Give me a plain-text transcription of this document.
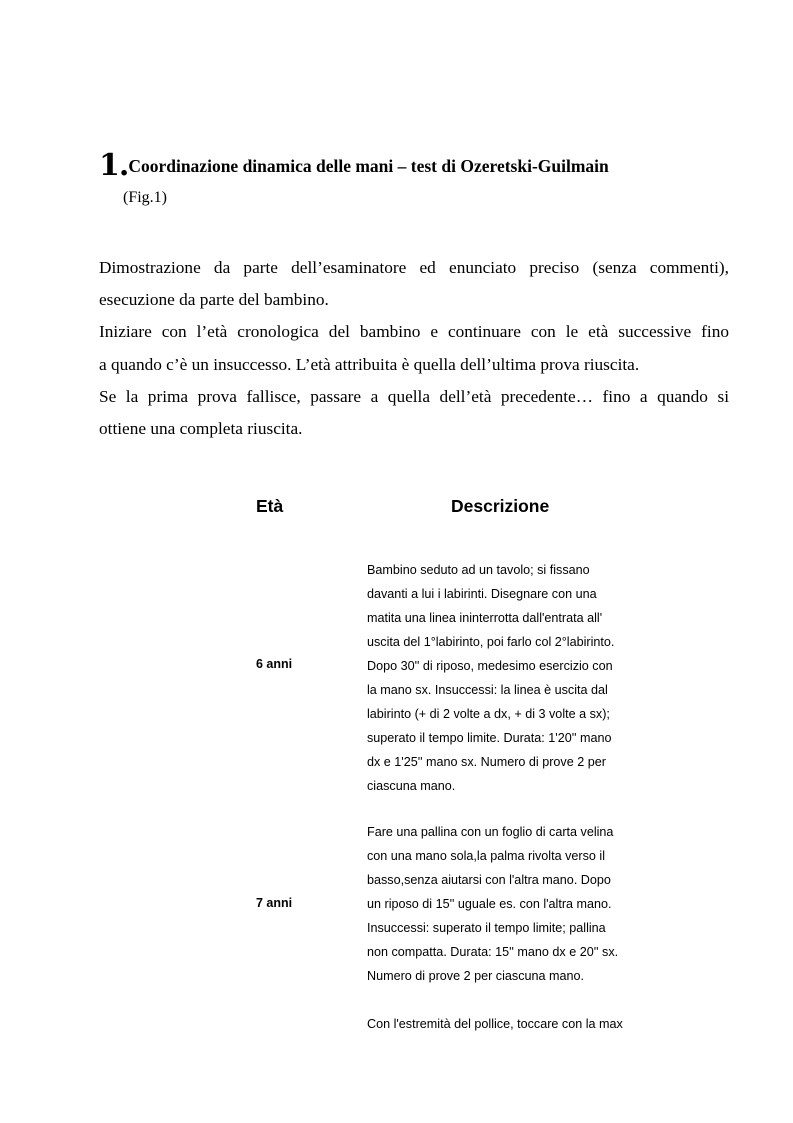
1.Coordinazione dinamica delle mani – test di Ozeretski-Guilmain
(Fig.1)

Dimostrazione da parte dell’esaminatore ed enunciato preciso (senza commenti),

esecuzione da parte del bambino.

Iniziare con l’età cronologica del bambino e continuare con le età successive fino

a quando c’è un insuccesso. L’età attribuita è quella dell’ultima prova riuscita.

Se la prima prova fallisce, passare a quella dell’età precedente… fino a quando si

ottiene una completa riuscita.

Età	Descrizione
6 anni
Bambino seduto ad un tavolo; si fissano
davanti a lui i labirinti. Disegnare con una
matita una linea ininterrotta dall'entrata all'
uscita del 1°labirinto, poi farlo col 2°labirinto.
Dopo 30'' di riposo, medesimo esercizio con
la mano sx. Insuccessi: la linea è uscita dal
labirinto (+ di 2 volte a dx, + di 3 volte a sx);
superato il tempo limite. Durata: 1'20'' mano
dx e 1'25'' mano sx. Numero di prove 2 per
ciascuna mano.
7 anni
Fare una pallina con un foglio di carta velina
con una mano sola,la palma rivolta verso il
basso,senza aiutarsi con l'altra mano. Dopo
un riposo di 15'' uguale es. con l'altra mano.
Insuccessi: superato il tempo limite; pallina
non compatta. Durata: 15'' mano dx e 20'' sx.
Numero di prove 2 per ciascuna mano.
Con l'estremità del pollice, toccare con la max
